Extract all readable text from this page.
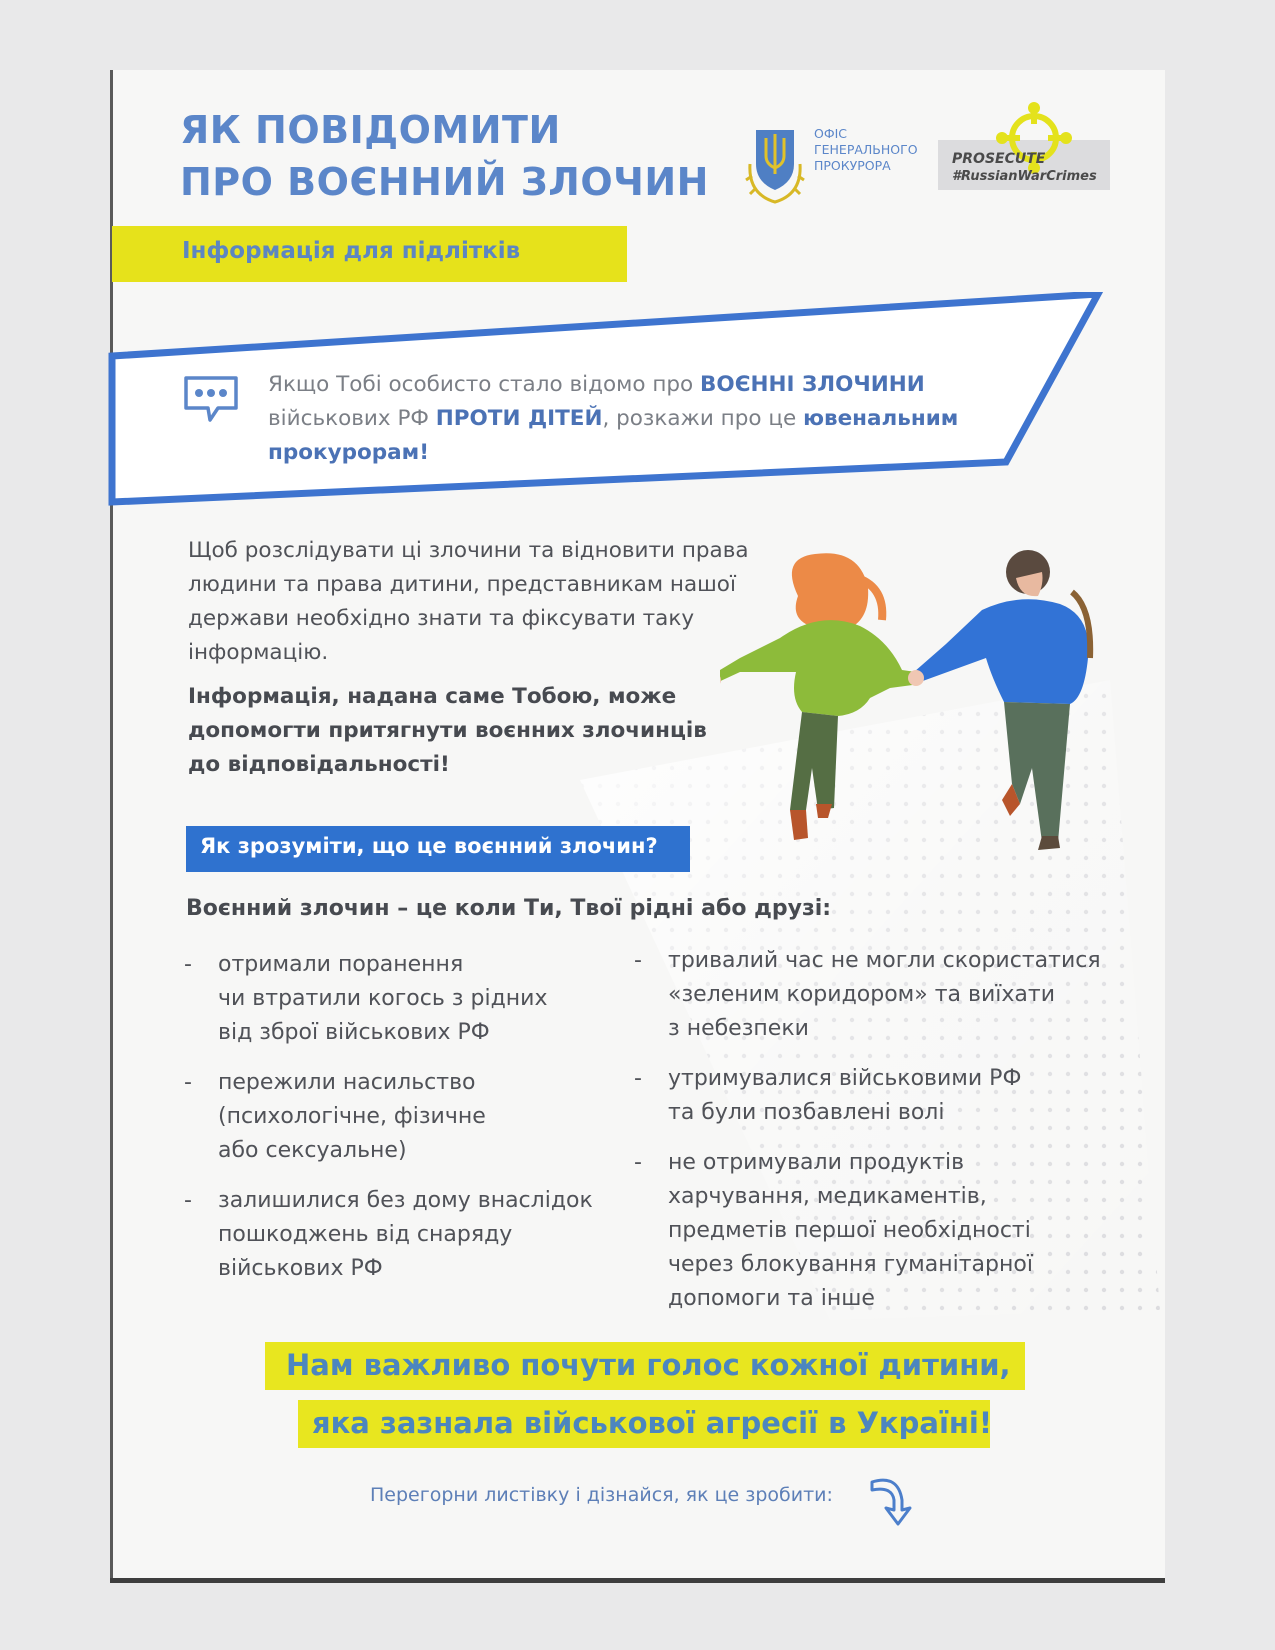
ЯК ПОВІДОМИТИ
ПРО ВОЄННИЙ ЗЛОЧИН
ОФІС
ГЕНЕРАЛЬНОГО
ПРОКУРОРА	PROSECUTE
#RussianWarCrimes
Інформація для підлітків
Якщо Тобі особисто стало відомо про ВОЄННІ ЗЛОЧИНИ військових РФ ПРОТИ ДІТЕЙ, розкажи про це ювенальним прокурорам!
Щоб розслідувати ці злочини та відновити права людини та права дитини, представникам нашої держави необхідно знати та фіксувати таку інформацію.
Інформація, надана саме Тобою, може допомогти притягнути воєнних злочинців до відповідальності!
Як зрозуміти, що це воєнний злочин?
Воєнний злочин – це коли Ти, Твої рідні або друзі:
- отримали поранення
чи втратили когось з рідних
від зброї військових РФ
- пережили насильство
(психологічне, фізичне
або сексуальне)
- залишилися без дому внаслідок
пошкоджень від снаряду
військових РФ
- тривалий час не могли скористатися
«зеленим коридором» та виїхати
з небезпеки
- утримувалися військовими РФ
та були позбавлені волі
- не отримували продуктів
харчування, медикаментів,
предметів першої необхідності
через блокування гуманітарної
допомоги та інше
Нам важливо почути голос кожної дитини,
яка зазнала військової агресії в Україні!
Перегорни листівку і дізнайся, як це зробити:
